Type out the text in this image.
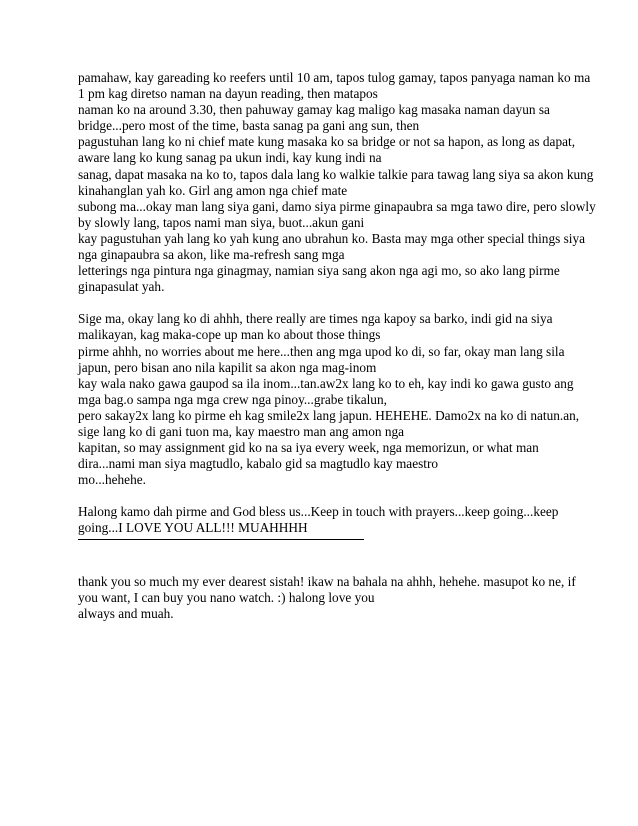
pamahaw, kay gareading ko reefers until 10 am, tapos tulog gamay, tapos panyaga naman ko ma
1 pm kag diretso naman na dayun reading, then matapos
naman ko na around 3.30, then pahuway gamay kag maligo kag masaka naman dayun sa
bridge...pero most of the time, basta sanag pa gani ang sun, then
pagustuhan lang ko ni chief mate kung masaka ko sa bridge or not sa hapon, as long as dapat,
aware lang ko kung sanag pa ukun indi, kay kung indi na
sanag, dapat masaka na ko to, tapos dala lang ko walkie talkie para tawag lang siya sa akon kung
kinahanglan yah ko. Girl ang amon nga chief mate
subong ma...okay man lang siya gani, damo siya pirme ginapaubra sa mga tawo dire, pero slowly
by slowly lang, tapos nami man siya, buot...akun gani
kay pagustuhan yah lang ko yah kung ano ubrahun ko. Basta may mga other special things siya
nga ginapaubra sa akon, like ma-refresh sang mga
letterings nga pintura nga ginagmay, namian siya sang akon nga agi mo, so ako lang pirme
ginapasulat yah.

Sige ma, okay lang ko di ahhh, there really are times nga kapoy sa barko, indi gid na siya
malikayan, kag maka-cope up man ko about those things
pirme ahhh, no worries about me here...then ang mga upod ko di, so far, okay man lang sila
japun, pero bisan ano nila kapilit sa akon nga mag-inom
kay wala nako gawa gaupod sa ila inom...tan.aw2x lang ko to eh, kay indi ko gawa gusto ang
mga bag.o sampa nga mga crew nga pinoy...grabe tikalun,
pero sakay2x lang ko pirme eh kag smile2x lang japun. HEHEHE. Damo2x na ko di natun.an,
sige lang ko di gani tuon ma, kay maestro man ang amon nga
kapitan, so may assignment gid ko na sa iya every week, nga memorizun, or what man
dira...nami man siya magtudlo, kabalo gid sa magtudlo kay maestro
mo...hehehe.

Halong kamo dah pirme and God bless us...Keep in touch with prayers...keep going...keep
going...I LOVE YOU ALL!!! MUAHHHH

thank you so much my ever dearest sistah! ikaw na bahala na ahhh, hehehe. masupot ko ne, if
you want, I can buy you nano watch. :) halong love you
always and muah.
